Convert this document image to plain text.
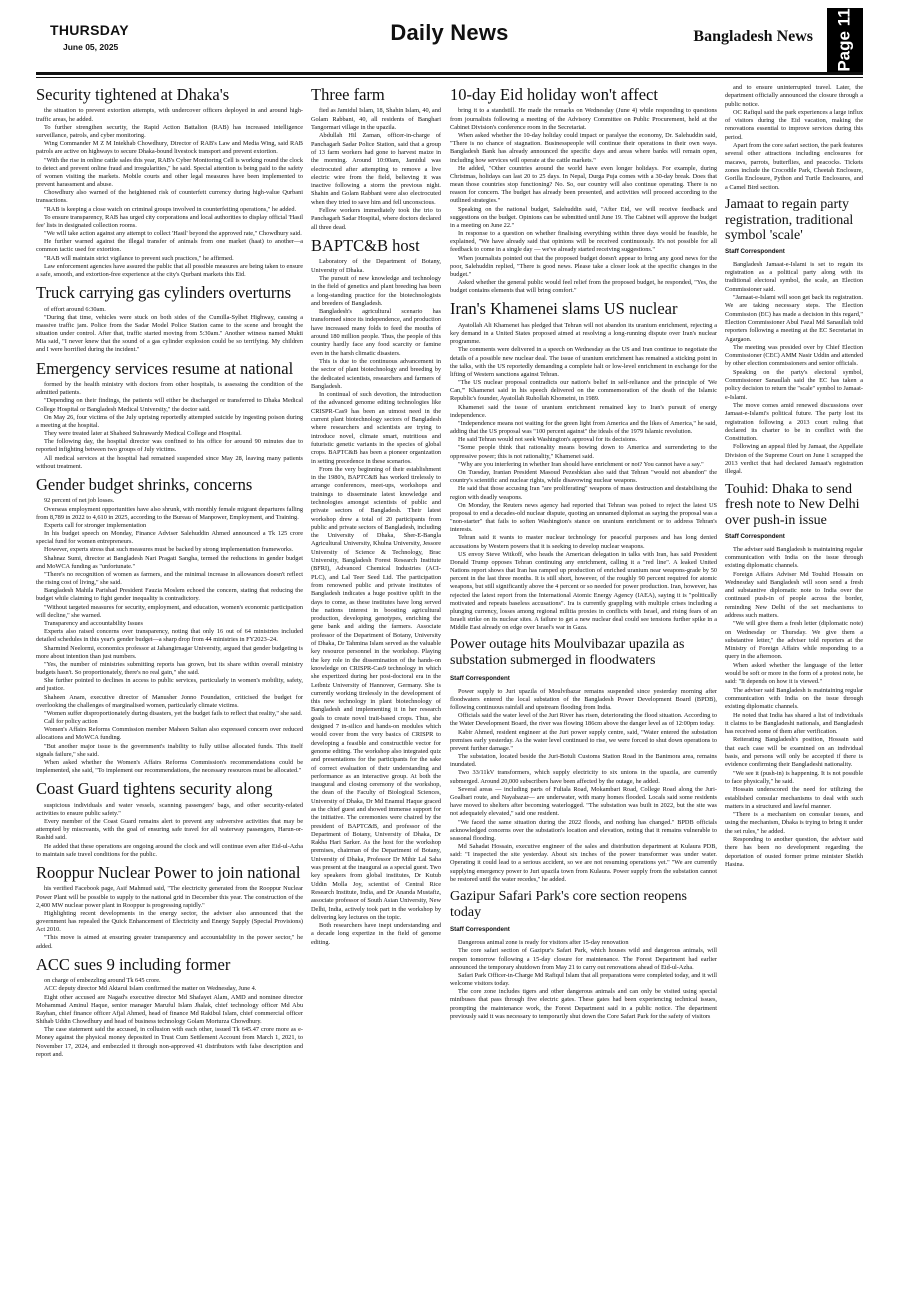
THURSDAY
June 05, 2025
Daily News	Bangladesh News Page 11
Security tightened at Dhaka's

the situation to prevent extortion attempts, with undercover officers deployed in and around high-traffic areas, he added.

To further strengthen security, the Rapid Action Battalion (RAB) has increased intelligence surveillance, patrols, and cyber monitoring.

Wing Commander M Z M Intekhab Chowdhury, Director of RAB's Law and Media Wing, said RAB patrols are active on highways to secure Dhaka-bound livestock transport and prevent extortion.

"With the rise in online cattle sales this year, RAB's Cyber Monitoring Cell is working round the clock to detect and prevent online fraud and irregularities," he said. Special attention is being paid to the safety of women visiting the markets. Mobile courts and other legal measures have been implemented to prevent harassment and abuse.

Chowdhury also warned of the heightened risk of counterfeit currency during high-value Qurbani transactions.

"RAB is keeping a close watch on criminal groups involved in counterfeiting operations," he added.

To ensure transparency, RAB has urged city corporations and local authorities to display official 'Hasil fee' lists in designated collection rooms.

"We will take action against any attempt to collect 'Hasil' beyond the approved rate," Chowdhury said.

He further warned against the illegal transfer of animals from one market (haat) to another—a common tactic used for extortion.

"RAB will maintain strict vigilance to prevent such practices," he affirmed.

Law enforcement agencies have assured the public that all possible measures are being taken to ensure a safe, smooth, and extortion-free experience at the city's Qurbani markets this Eid.

Truck carrying gas cylinders overturns

of effort around 6:30am.

"During that time, vehicles were stuck on both sides of the Cumilla-Sylhet Highway, causing a massive traffic jam. Police from the Sadar Model Police Station came to the scene and brought the situation under control. After that, traffic started moving from 5:30am." Another witness named Mukti Mia said, "I never knew that the sound of a gas cylinder explosion could be so terrifying. My children and I were horrified during the incident."

Emergency services resume at national

formed by the health ministry with doctors from other hospitals, is assessing the condition of the admitted patients.

"Depending on their findings, the patients will either be discharged or transferred to Dhaka Medical College Hospital or Bangladesh Medical University," the doctor said.

On May 26, four victims of the July uprising reportedly attempted suicide by ingesting poison during a meeting at the hospital.

They were treated later at Shaheed Suhrawardy Medical College and Hospital.

The following day, the hospital director was confined to his office for around 90 minutes due to reported infighting between two groups of July victims.

All medical services at the hospital had remained suspended since May 28, leaving many patients without treatment.

Gender budget shrinks, concerns

92 percent of net job losses.

Overseas employment opportunities have also shrunk, with monthly female migrant departures falling from 8,789 in 2022 to 4,610 in 2025, according to the Bureau of Manpower, Employment, and Training.

Experts call for stronger implementation

In his budget speech on Monday, Finance Adviser Salehuddin Ahmed announced a Tk 125 crore special fund for women entrepreneurs.

However, experts stress that such measures must be backed by strong implementation frameworks.

Shahnaz Sumi, director at Bangladesh Nari Pragati Sangha, termed the reductions in gender budget and MoWCA funding as "unfortunate."

"There's no recognition of women as farmers, and the minimal increase in allowances doesn't reflect the rising cost of living," she said.

Bangladesh Mahila Parishad President Fauzia Moslem echoed the concern, stating that reducing the budget while claiming to fight gender inequality is contradictory.

"Without targeted measures for security, employment, and education, women's economic participation will decline," she warned.

Transparency and accountability Issues

Experts also raised concerns over transparency, noting that only 16 out of 64 ministries included detailed schedules in this year's gender budget—a sharp drop from 44 ministries in FY2023–24.

Sharmind Neelormi, economics professor at Jahangirnagar University, argued that gender budgeting is more about intention than just numbers.

"Yes, the number of ministries submitting reports has grown, but its share within overall ministry budgets hasn't. So proportionately, there's no real gain," she said.

She further pointed to declines in access to public services, particularly in women's mobility, safety, and justice.

Shaheen Anam, executive director of Manusher Jonno Foundation, criticised the budget for overlooking the challenges of marginalised women, particularly climate victims.

"Women suffer disproportionately during disasters, yet the budget fails to reflect that reality," she said.

Call for policy action

Women's Affairs Reforms Commission member Maheen Sultan also expressed concern over reduced allocations and MoWCA funding.

"But another major issue is the government's inability to fully utilise allocated funds. This itself signals failure," she said.

When asked whether the Women's Affairs Reforms Commission's recommendations could be implemented, she said, "To implement our recommendations, the necessary resources must be allocated."

Coast Guard tightens security along

suspicious individuals and water vessels, scanning passengers' bags, and other security-related activities to ensure public safety."

Every member of the Coast Guard remains alert to prevent any subversive activities that may be attempted by miscreants, with the goal of ensuring safe travel for all waterway passengers, Harun-or-Rashid said.

He added that these operations are ongoing around the clock and will continue even after Eid-ul-Azha to maintain safe travel conditions for the public.

Rooppur Nuclear Power to join national

his verified Facebook page, Asif Mahmud said, "The electricity generated from the Rooppur Nuclear Power Plant will be possible to supply to the national grid in December this year. The construction of the 2,400 MW nuclear power plant in Rooppur is progressing rapidly."

Highlighting recent developments in the energy sector, the adviser also announced that the government has repealed the Quick Enhancement of Electricity and Energy Supply (Special Provisions) Act 2010.

"This move is aimed at ensuring greater transparency and accountability in the power sector," he added.

ACC sues 9 including former

on charge of embezzling around Tk 645 crore.

ACC deputy director Md Aktarul Islam confirmed the matter on Wednesday, June 4.

Eight other accused are Nagad's executive director Md Shafayet Alam, AMD and nominee director Mohammad Aminul Haque, senior manager Maruful Islam Jhalak, chief technology officer Md Abu Rayhan, chief finance officer Afjal Ahmed, head of finance Md Rakibul Islam, chief commercial officer Shihab Uddin Chowdhury and head of business technology Golam Morturza Chowdhury.

The case statement said the accused, in collusion with each other, issued Tk 645.47 crore more as e-Money against the physical money deposited in Trust Cum Settlement Account from March 1, 2021, to November 17, 2024, and embezzled it through non-approved 41 distributors with false description and report and.

Three farm

fied as Jamidul Islam, 18, Shahin Islam, 40, and Golam Rabbani, 40, all residents of Banghari Tangormari village in the upazila.

Abdullah Hil Zaman, officer-in-charge of Panchagarh Sadar Police Station, said that a group of 13 farm workers had gone to harvest maize in the morning. Around 10:00am, Jamidul was electrocuted after attempting to remove a live electric wire from the field, believing it was inactive following a storm the previous night. Shahin and Golam Rabbani were also electrocuted when they tried to save him and fell unconscious.

Fellow workers immediately took the trio to Panchagarh Sadar Hospital, where doctors declared all three dead.

BAPTC&B host

Laboratory of the Department of Botany, University of Dhaka.

The pursuit of new knowledge and technology in the field of genetics and plant breeding has been a long-standing practice for the biotechnologists and breeders of Bangladesh.

Bangladesh's agricultural scenario has transformed since its independence, and production have increased many folds to feed the mouths of around 180 million people. Thus, the people of this country hardly face any food scarcity or famine even in the harsh climatic disasters.

This is due to the continuous advancement in the sector of plant biotechnology and breeding by the dedicated scientists, researchers and farmers of Bangladesh.

In continual of such devotion, the introduction of the advanced genome editing technologies like CRISPR-Cas9 has been an utmost need in the current plant biotechnology sectors of Bangladesh where researchers and scientists are trying to introduce novel, climate smart, nutritious and futuristic genetic variants in the species of global crops. BAPTC&B has been a pioneer organization in setting precedence in these scenarios.

From the very beginning of their establishment in the 1980's, BAPTC&B has worked tirelessly to arrange conferences, meet-ups, workshops and trainings to disseminate latest knowledge and technologies amongst scientists of public and private sectors of Bangladesh. Their latest workshop drew a total of 20 participants from public and private sectors of Bangladesh, including the University of Dhaka, Sher-E-Bangla Agricultural University, Khulna University, Jessore University of Science & Technology, Brac University, Bangladesh Forest Research Institute (BFRI), Advanced Chemical Industries (ACI-PLC), and Lal Teer Seed Ltd. The participation from renowned public and private institutes of Bangladesh indicates a huge positive uplift in the days to come, as these institutes have long served the nations interest in boosting agricultural production, developing genotypes, enriching the gene bank and aiding the farmers. Associate professor of the Department of Botany, University of Dhaka, Dr Tahmina Islam served as the valuable key resource personnel in the workshop. Playing the key role in the dissemination of the hands-on knowledge on CRISPR-Cas9 technology in which she expertized during her post-doctoral era in the Leibniz University of Hannover, Germany. She is currently working tirelessly in the development of this new technology in plant biotechnology of Bangladesh and implementing it in her research goals to create novel trait-based crops. Thus, she designed 7 in-silico and hands-on modules which would cover from the very basics of CRISPR to developing a feasible and constructible vector for genome editing. The workshop also integrated quiz and presentations for the participants for the sake of correct evaluation of their understanding and performance as an interactive group. At both the inaugural and closing ceremony of the workshop, the dean of the Faculty of Biological Sciences, University of Dhaka, Dr Md Enamul Haque graced as the chief guest and showed immense support for the initiative. The ceremonies were chaired by the president of BAPTC&B, and professor of the Department of Botany, University of Dhaka, Dr Rakha Hari Sarker. As the host for the workshop premises, chairman of the Department of Botany, University of Dhaka, Professor Dr Mihir Lal Saha was present at the inaugural as a special guest. Two key speakers from global institutes, Dr Kutub Uddin Molla Joy, scientist of Central Rice Research Institute, India, and Dr Ananda Mustafiz, associate professor of South Asian University, New Delhi, India, actively took part in the workshop by delivering key lectures on the topic.

Both researchers have inept understanding and a decade long expertize in the field of genome editing.

10-day Eid holiday won't affect

bring it to a standstill. He made the remarks on Wednesday (June 4) while responding to questions from journalists following a meeting of the Advisory Committee on Public Procurement, held at the Cabinet Division's conference room in the Secretariat.

When asked whether the 10-day holiday could impact or paralyse the economy, Dr. Salehuddin said, "There is no chance of stagnation. Businesspeople will continue their operations in their own ways. Bangladesh Bank has already announced the specific days and areas where banks will remain open, including how services will operate at the cattle markets."

He added, "Other countries around the world have even longer holidays. For example, during Christmas, holidays can last 20 to 25 days. In Nepal, Durga Puja comes with a 30-day break. Does that mean those countries stop functioning? No. So, our country will also continue operating. There is no reason for concern. The budget has already been presented, and activities will proceed according to the outlined strategies."

Speaking on the national budget, Salehuddin said, "After Eid, we will receive feedback and suggestions on the budget. Opinions can be submitted until June 19. The Cabinet will approve the budget in a meeting on June 22."

In response to a question on whether finalising everything within three days would be feasible, he explained, "We have already said that opinions will be received continuously. It's not possible for all feedback to come in a single day — we've already started receiving suggestions."

When journalists pointed out that the proposed budget doesn't appear to bring any good news for the poor, Salehuddin replied, "There is good news. Please take a closer look at the specific changes in the budget."

Asked whether the general public would feel relief from the proposed budget, he responded, "Yes, the budget contains elements that will bring comfort."

Iran's Khamenei slams US nuclear

Ayatollah Ali Khamenei has pledged that Tehran will not abandon its uranium enrichment, rejecting a key demand in a United States proposed aimed at resolving a long-running dispute over Iran's nuclear programme.

The comments were delivered in a speech on Wednesday as the US and Iran continue to negotiate the details of a possible new nuclear deal. The issue of uranium enrichment has remained a sticking point in the talks, with the US reportedly demanding a complete halt or low-level enrichment in exchange for the lifting of Western sanctions against Tehran.

"The US nuclear proposal contradicts our nation's belief in self-reliance and the principle of 'We Can,'" Khamenei said in his speech delivered on the commemoration of the death of the Islamic Republic's founder, Ayatollah Ruhollah Khomeini, in 1989.

Khamenei said the issue of uranium enrichment remained key to Iran's pursuit of energy independence.

"Independence means not waiting for the green light from America and the likes of America," he said, adding that the US proposal was "100 percent against" the ideals of the 1979 Islamic revolution.

He said Tehran would not seek Washington's approval for its decisions.

"Some people think that rationality means bowing down to America and surrendering to the oppressive power; this is not rationality," Khamenei said.

"Why are you interfering in whether Iran should have enrichment or not? You cannot have a say."

On Tuesday, Iranian President Masoud Pezeshkian also said that Tehran "would not abandon" the country's scientific and nuclear rights, while disavowing nuclear weapons.

He said that those accusing Iran "are proliferating" weapons of mass destruction and destabilising the region with deadly weapons.

On Monday, the Reuters news agency had reported that Tehran was poised to reject the latest US proposal to end a decades-old nuclear dispute, quoting an unnamed diplomat as saying the proposal was a "non-starter" that fails to soften Washington's stance on uranium enrichment or to address Tehran's interests.

Tehran said it wants to master nuclear technology for peaceful purposes and has long denied accusations by Western powers that it is seeking to develop nuclear weapons.

US envoy Steve Witkoff, who heads the American delegation in talks with Iran, has said President Donald Trump opposes Tehran continuing any enrichment, calling it a "red line". A leaked United Nations report shows that Iran has ramped up production of enriched uranium near weapons-grade by 50 percent in the last three months. It is still short, however, of the roughly 90 percent required for atomic weapons, but still significantly above the 4 percent or so needed for power production. Iran, however, has rejected the latest report from the International Atomic Energy Agency (IAEA), saying it is "politically motivated and repeats baseless accusations". Ira is currently grappling with multiple crises including a plunging currency, losses among regional militia proxies in conflicts with Israel, and rising fears of an Israeli strike on its nuclear sites. A failure to get a new nuclear deal could see tensions further spike in a Middle East already on edge over Israel's war in Gaza.

Power outage hits Moulvibazar upazila as substation submerged in floodwaters
Staff Correspondent

Power supply to Juri upazila of Moulvibazar remains suspended since yesterday morning after floodwaters entered the local substation of the Bangladesh Power Development Board (BPDB), following continuous rainfall and upstream flooding from India.

Officials said the water level of the Juri River has risen, deteriorating the flood situation. According to the Water Development Board, the river was flowing 186cm above the danger level as of 12:00pm today.

Kabir Ahmed, resident engineer at the Juri power supply centre, said, "Water entered the substation premises early yesterday. As the water level continued to rise, we were forced to shut down operations to prevent further damage."

The substation, located beside the Juri-Botuli Customs Station Road in the Banimora area, remains inundated.

Two 33/11kV transformers, which supply electricity to six unions in the upazila, are currently submerged. Around 20,000 subscribers have been affected by the outage, he added.

Several areas — including parts of Fultala Road, Mokambari Road, College Road along the Juri-Goalbari route, and Nayabazar— are underwater, with many homes flooded. Locals said some residents have moved to shelters after becoming waterlogged. "The substation was built in 2022, but the site was not adequately elevated," said one resident.

"We faced the same situation during the 2022 floods, and nothing has changed." BPDB officials acknowledged concerns over the substation's location and elevation, noting that it remains vulnerable to seasonal flooding.

Md Sahadat Hossain, executive engineer of the sales and distribution department at Kulaura PDB, said: "I inspected the site yesterday. About six inches of the power transformer was under water. Operating it could lead to a serious accident, so we are not resuming operations yet." "We are currently supplying emergency power to Juri upazila town from Kulaura. Power supply from the substation cannot be restored until the water recedes," he added.

Gazipur Safari Park's core section reopens today
Staff Correspondent

Dangerous animal zone is ready for visitors after 15-day renovation

The core safari section of Gazipur's Safari Park, which houses wild and dangerous animals, will reopen tomorrow following a 15-day closure for maintenance. The Forest Department had earlier announced the temporary shutdown from May 21 to carry out renovations ahead of Eid-ul-Azha.

Safari Park Officer-in-Charge Md Rafiqul Islam that all preparations were completed today, and it will welcome visitors today.

The core zone includes tigers and other dangerous animals and can only be visited using special minibuses that pass through five electric gates. These gates had been experiencing technical issues, prompting the maintenance work, the Forest Department said in a public notice. The department previously said it was necessary to temporarily shut down the Core Safari Park for the safety of visitors

and to ensure uninterrupted travel. Later, the department officially announced the closure through a public notice.

OC Rafiqul said the park experiences a large influx of visitors during the Eid vacation, making the renovations essential to improve services during this period.

Apart from the core safari section, the park features several other attractions including enclosures for macaws, parrots, butterflies, and peacocks. Tickets zones include the Crocodile Park, Cheetah Enclosure, Gorilla Enclosure, Python and Turtle Enclosures, and a Camel Bird section.

Jamaat to regain party registration, traditional symbol 'scale'
Staff Correspondent

Bangladesh Jamaat-e-Islami is set to regain its registration as a political party along with its traditional electoral symbol, the scale, an Election Commissioner said.

"Jamaat-e-Islami will soon get back its registration. We are taking necessary steps. The Election Commission (EC) has made a decision in this regard," Election Commissioner Abul Fazal Md Sanaullah told reporters following a meeting at the EC Secretariat in Agargaon.

The meeting was presided over by Chief Election Commissioner (CEC) AMM Nasir Uddin and attended by other election commissioners and senior officials.

Speaking on the party's electoral symbol, Commissioner Sanaullah said the EC has taken a policy decision to return the "scale" symbol to Jamaat-e-Islami.

The move comes amid renewed discussions over Jamaat-e-Islami's political future. The party lost its registration following a 2013 court ruling that declared its charter to be in conflict with the Constitution.

Following an appeal filed by Jamaat, the Appellate Division of the Supreme Court on June 1 scrapped the 2013 verdict that had declared Jamaat's registration illegal.

Touhid: Dhaka to send fresh note to New Delhi over push-in issue
Staff Correspondent

The adviser said Bangladesh is maintaining regular communication with India on the issue through existing diplomatic channels.

Foreign Affairs Adviser Md Touhid Hossain on Wednesday said Bangladesh will soon send a fresh and substantive diplomatic note to India over the continued push-in of people across the border, reminding New Delhi of the set mechanisms to address such matters.

"We will give them a fresh letter (diplomatic note) on Wednesday or Thursday. We give them a substantive letter," the adviser told reporters at the Ministry of Foreign Affairs while responding to a query in the afternoon.

When asked whether the language of the letter would be soft or more in the form of a protest note, he said: "It depends on how it is viewed."

The adviser said Bangladesh is maintaining regular communication with India on the issue through existing diplomatic channels.

He noted that India has shared a list of individuals it claims to be Bangladeshi nationals, and Bangladesh has received some of them after verification.

Reiterating Bangladesh's position, Hossain said that each case will be examined on an individual basis, and persons will only be accepted if there is evidence confirming their Bangladeshi nationality.

"We see it (push-in) is happening. It is not possible to face physically," he said.

Hossain underscored the need for utilizing the established consular mechanisms to deal with such matters in a structured and lawful manner.

"There is a mechanism on consular issues, and using the mechanism, Dhaka is trying to bring it under the set rules," he added.

Responding to another question, the adviser said there has been no development regarding the deportation of ousted former prime minister Sheikh Hasina.
